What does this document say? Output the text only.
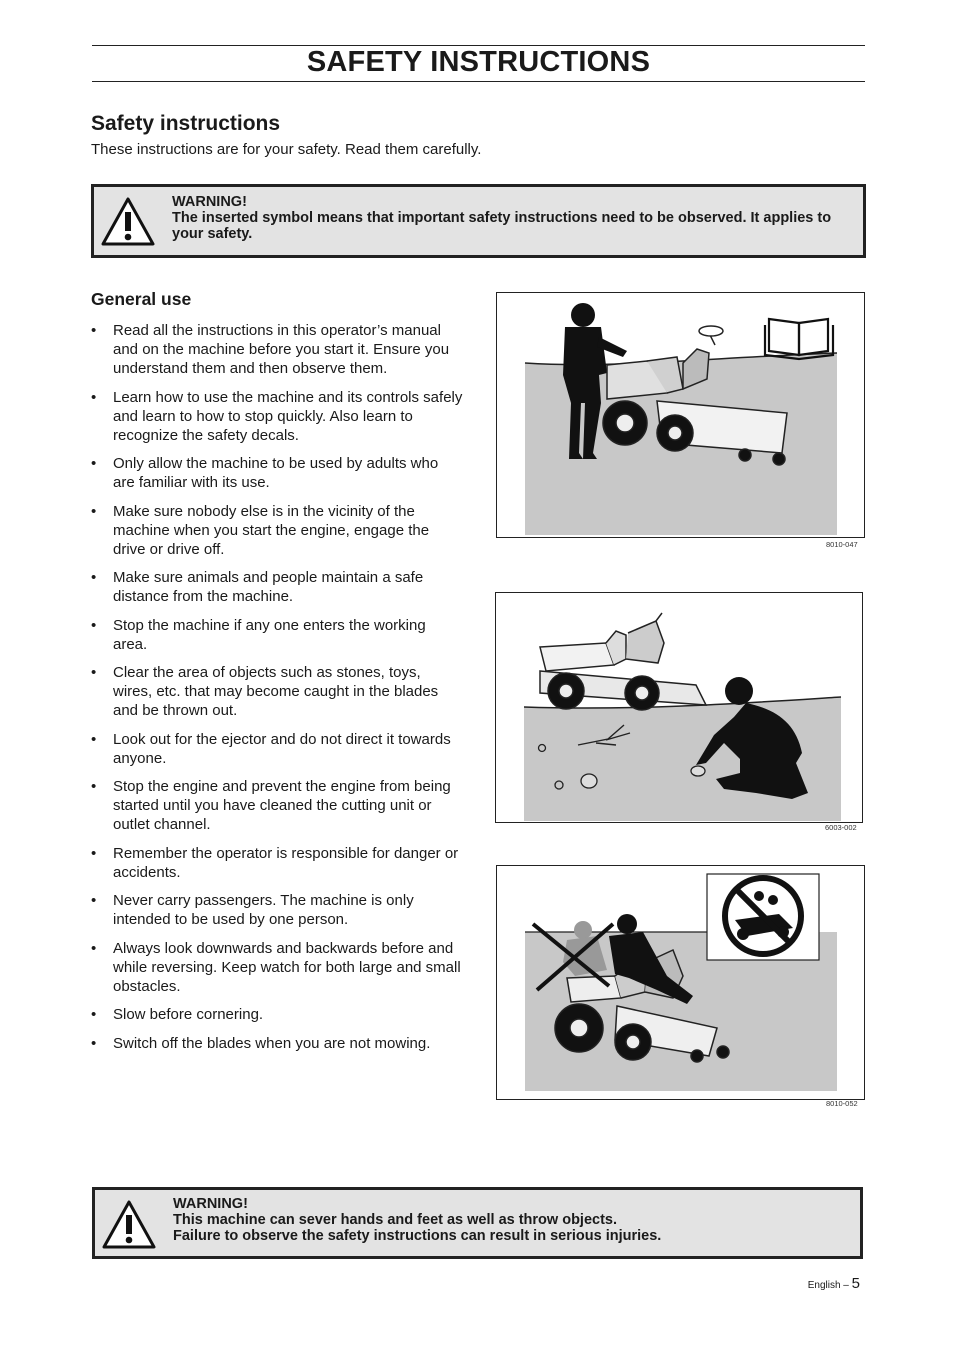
SAFETY INSTRUCTIONS
Safety instructions
These instructions are for your safety. Read them carefully.
WARNING!
The inserted symbol means that important safety instructions need to be observed. It applies to your safety.
General use
• Read all the instructions in this operator’s manual and on the machine before you start it. Ensure you understand them and then observe them.
• Learn how to use the machine and its controls safely and learn to how to stop quickly. Also learn to recognize the safety decals.
• Only allow the machine to be used by adults who are familiar with its use.
• Make sure nobody else is in the vicinity of the machine when you start the engine, engage the drive or drive off.
• Make sure animals and people maintain a safe distance from the machine.
• Stop the machine if any one enters the working area.
• Clear the area of objects such as stones, toys, wires, etc. that may become caught in the blades and be thrown out.
• Look out for the ejector and do not direct it towards anyone.
• Stop the engine and prevent the engine from being started until you have cleaned the cutting unit or outlet channel.
• Remember the operator is responsible for danger or accidents.
• Never carry passengers. The machine is only intended to be used by one person.
• Always look downwards and backwards before and while reversing. Keep watch for both large and small obstacles.
• Slow before cornering.
• Switch off the blades when you are not mowing.
8010-047
6003-002
8010-052
WARNING!
This machine can sever hands and feet as well as throw objects.
Failure to observe the safety instructions can result in serious injuries.
English – 5
